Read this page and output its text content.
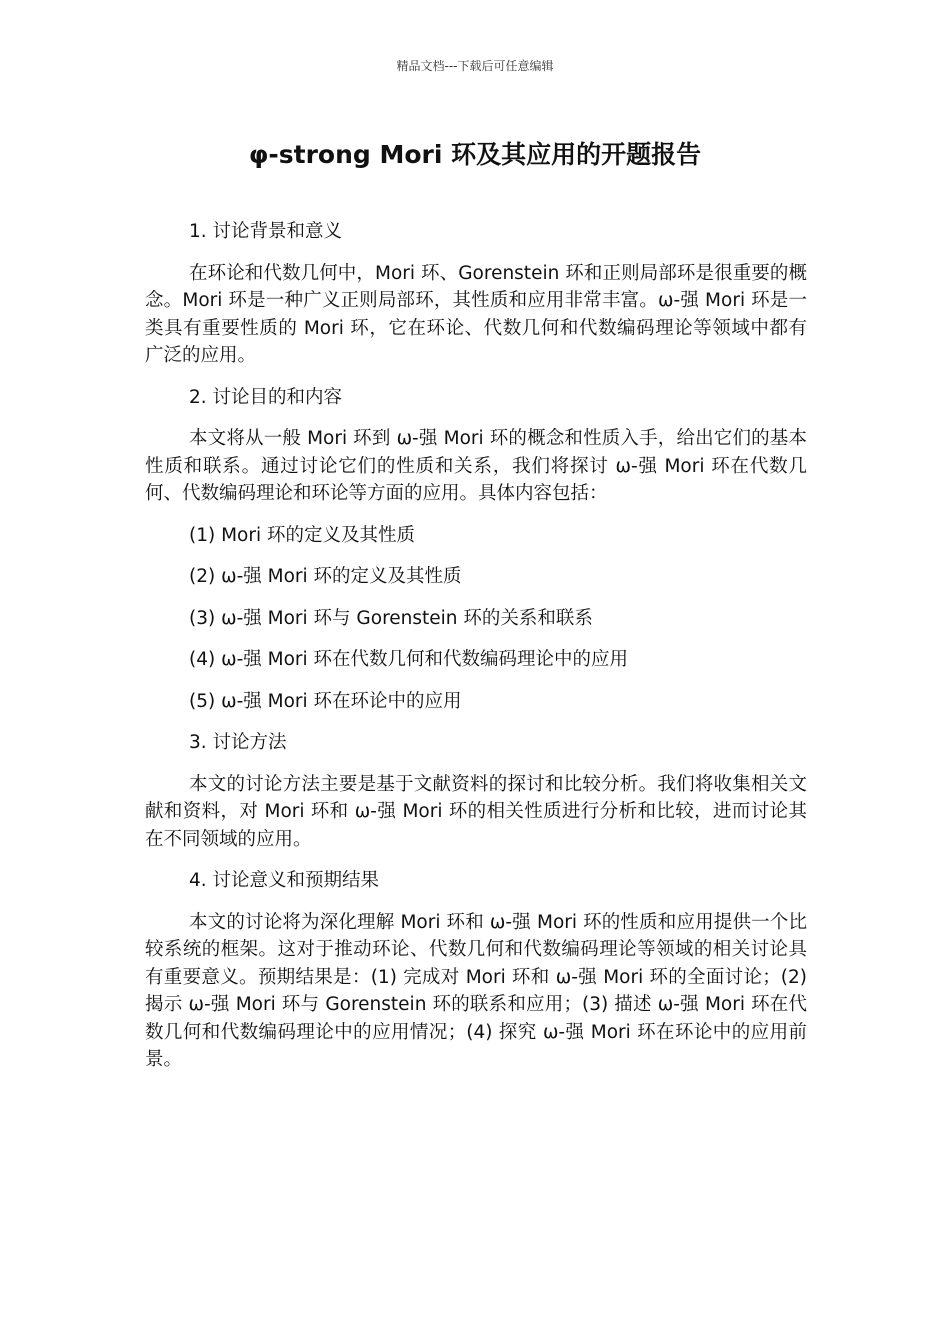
精品文档---下载后可任意编辑
φ-strong Mori 环及其应用的开题报告
1. 讨论背景和意义
在环论和代数几何中，Mori 环、Gorenstein 环和正则局部环是很重要的概念。Mori 环是一种广义正则局部环，其性质和应用非常丰富。ω-强 Mori 环是一类具有重要性质的 Mori 环，它在环论、代数几何和代数编码理论等领域中都有广泛的应用。
2. 讨论目的和内容
本文将从一般 Mori 环到 ω-强 Mori 环的概念和性质入手，给出它们的基本性质和联系。通过讨论它们的性质和关系，我们将探讨 ω-强 Mori 环在代数几何、代数编码理论和环论等方面的应用。具体内容包括：
(1) Mori 环的定义及其性质
(2) ω-强 Mori 环的定义及其性质
(3) ω-强 Mori 环与 Gorenstein 环的关系和联系
(4) ω-强 Mori 环在代数几何和代数编码理论中的应用
(5) ω-强 Mori 环在环论中的应用
3. 讨论方法
本文的讨论方法主要是基于文献资料的探讨和比较分析。我们将收集相关文献和资料，对 Mori 环和 ω-强 Mori 环的相关性质进行分析和比较，进而讨论其在不同领域的应用。
4. 讨论意义和预期结果
本文的讨论将为深化理解 Mori 环和 ω-强 Mori 环的性质和应用提供一个比较系统的框架。这对于推动环论、代数几何和代数编码理论等领域的相关讨论具有重要意义。预期结果是：(1) 完成对 Mori 环和 ω-强 Mori 环的全面讨论；(2) 揭示 ω-强 Mori 环与 Gorenstein 环的联系和应用；(3) 描述 ω-强 Mori 环在代数几何和代数编码理论中的应用情况；(4) 探究 ω-强 Mori 环在环论中的应用前景。
